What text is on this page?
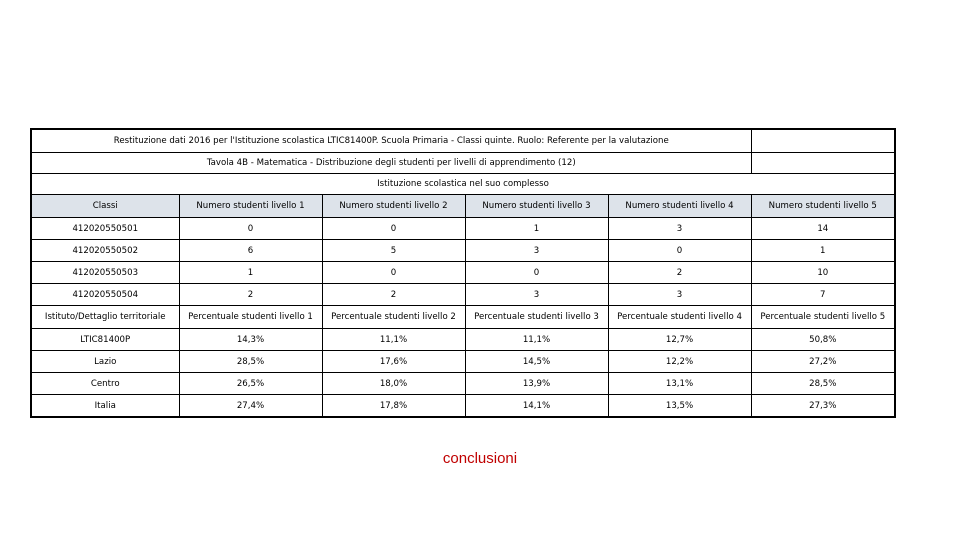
Restituzione dati 2016 per l'Istituzione scolastica LTIC81400P. Scuola Primaria - Classi quinte. Ruolo: Referente per la valutazione					
Tavola 4B - Matematica - Distribuzione degli studenti per livelli di apprendimento (12)					
Istituzione scolastica nel suo complesso					
Classi	Numero studenti livello 1	Numero studenti livello 2	Numero studenti livello 3	Numero studenti livello 4	Numero studenti livello 5
412020550501	0	0	1	3	14
412020550502	6	5	3	0	1
412020550503	1	0	0	2	10
412020550504	2	2	3	3	7
Istituto/Dettaglio territoriale	Percentuale studenti livello 1	Percentuale studenti livello 2	Percentuale studenti livello 3	Percentuale studenti livello 4	Percentuale studenti livello 5
LTIC81400P	14,3%	11,1%	11,1%	12,7%	50,8%
Lazio	28,5%	17,6%	14,5%	12,2%	27,2%
Centro	26,5%	18,0%	13,9%	13,1%	28,5%
Italia	27,4%	17,8%	14,1%	13,5%	27,3%
conclusioni
